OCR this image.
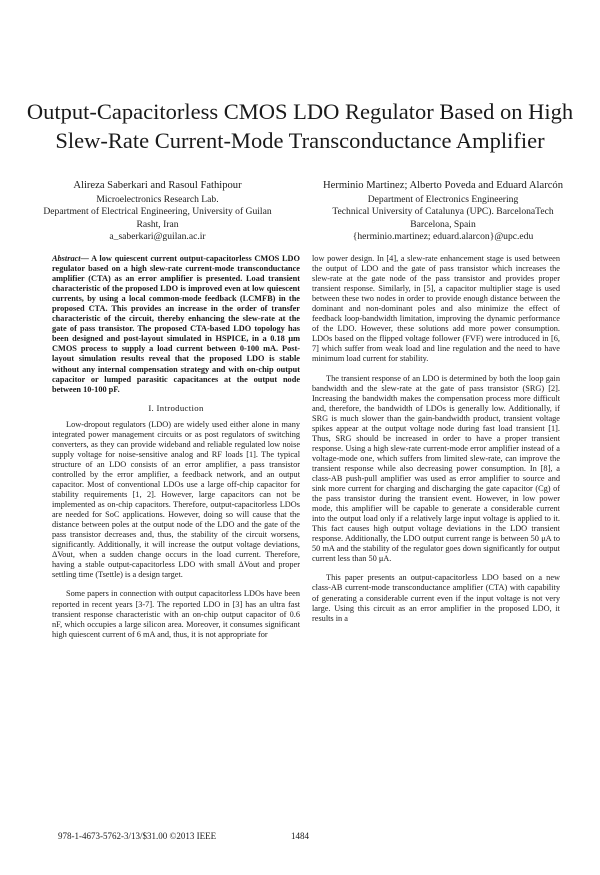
Output-Capacitorless CMOS LDO Regulator Based on High Slew-Rate Current-Mode Transconductance Amplifier
Alireza Saberkari and Rasoul Fathipour
Microelectronics Research Lab.
Department of Electrical Engineering, University of Guilan
Rasht, Iran
a_saberkari@guilan.ac.ir
Herminio Martinez; Alberto Poveda and Eduard Alarcón
Department of Electronics Engineering
Technical University of Catalunya (UPC). BarcelonaTech
Barcelona, Spain
{herminio.martinez; eduard.alarcon}@upc.edu

Abstract— A low quiescent current output-capacitorless CMOS LDO regulator based on a high slew-rate current-mode transconductance amplifier (CTA) as an error amplifier is presented. Load transient characteristic of the proposed LDO is improved even at low quiescent currents, by using a local common-mode feedback (LCMFB) in the proposed CTA. This provides an increase in the order of transfer characteristic of the circuit, thereby enhancing the slew-rate at the gate of pass transistor. The proposed CTA-based LDO topology has been designed and post-layout simulated in HSPICE, in a 0.18 μm CMOS process to supply a load current between 0-100 mA. Post-layout simulation results reveal that the proposed LDO is stable without any internal compensation strategy and with on-chip output capacitor or lumped parasitic capacitances at the output node between 10-100 pF.

I. Introduction

Low-dropout regulators (LDO) are widely used either alone in many integrated power management circuits or as post regulators of switching converters, as they can provide wideband and reliable regulated low noise supply voltage for noise-sensitive analog and RF loads [1]. The typical structure of an LDO consists of an error amplifier, a pass transistor controlled by the error amplifier, a feedback network, and an output capacitor. Most of conventional LDOs use a large off-chip capacitor for stability requirements [1, 2]. However, large capacitors can not be implemented as on-chip capacitors. Therefore, output-capacitorless LDOs are needed for SoC applications. However, doing so will cause that the distance between poles at the output node of the LDO and the gate of the pass transistor decreases and, thus, the stability of the circuit worsens, significantly. Additionally, it will increase the output voltage deviations, ΔVout, when a sudden change occurs in the load current. Therefore, having a stable output-capacitorless LDO with small ΔVout and proper settling time (Tsettle) is a design target.

Some papers in connection with output capacitorless LDOs have been reported in recent years [3-7]. The reported LDO in [3] has an ultra fast transient response characteristic with an on-chip output capacitor of 0.6 nF, which occupies a large silicon area. Moreover, it consumes significant high quiescent current of 6 mA and, thus, it is not appropriate for

low power design. In [4], a slew-rate enhancement stage is used between the output of LDO and the gate of pass transistor which increases the slew-rate at the gate node of the pass transistor and provides proper transient response. Similarly, in [5], a capacitor multiplier stage is used between these two nodes in order to provide enough distance between the dominant and non-dominant poles and also minimize the effect of feedback loop-bandwidth limitation, improving the dynamic performance of the LDO. However, these solutions add more power consumption. LDOs based on the flipped voltage follower (FVF) were introduced in [6, 7] which suffer from weak load and line regulation and the need to have minimum load current for stability.

The transient response of an LDO is determined by both the loop gain bandwidth and the slew-rate at the gate of pass transistor (SRG) [2]. Increasing the bandwidth makes the compensation process more difficult and, therefore, the bandwidth of LDOs is generally low. Additionally, if SRG is much slower than the gain-bandwidth product, transient voltage spikes appear at the output voltage node during fast load transient [1]. Thus, SRG should be increased in order to have a proper transient response. Using a high slew-rate current-mode error amplifier instead of a voltage-mode one, which suffers from limited slew-rate, can improve the transient response while also decreasing power consumption. In [8], a class-AB push-pull amplifier was used as error amplifier to source and sink more current for charging and discharging the gate capacitor (Cg) of the pass transistor during the transient event. However, in low power mode, this amplifier will be capable to generate a considerable current into the output load only if a relatively large input voltage is applied to it. This fact causes high output voltage deviations in the LDO transient response. Additionally, the LDO output current range is between 50 μA to 50 mA and the stability of the regulator goes down significantly for output current less than 50 μA.

This paper presents an output-capacitorless LDO based on a new class-AB current-mode transconductance amplifier (CTA) with capability of generating a considerable current even if the input voltage is not very large. Using this circuit as an error amplifier in the proposed LDO, it results in a

978-1-4673-5762-3/13/$31.00 ©2013 IEEE	1484
